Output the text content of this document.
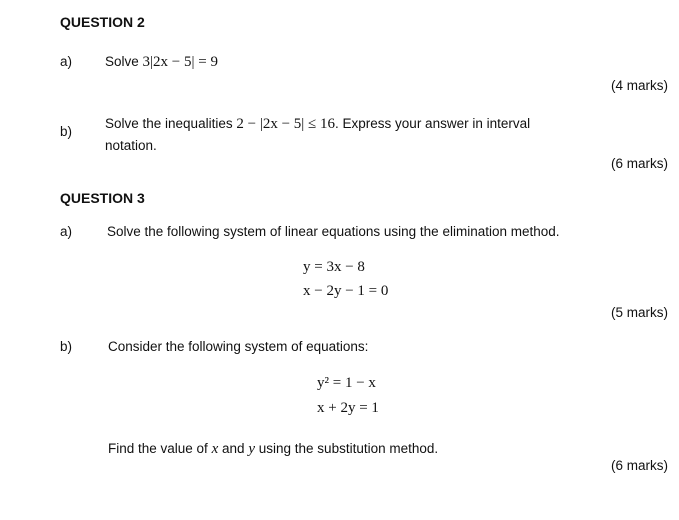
QUESTION 2
a) Solve 3|2x − 5| = 9
(4 marks)
b)
Solve the inequalities 2 − |2x − 5| ≤ 16. Express your answer in interval
notation.
(6 marks)
QUESTION 3
a)	Solve the following system of linear equations using the elimination method.
y = 3x − 8
x − 2y − 1 = 0
(5 marks)
b)	Consider the following system of equations:
y² = 1 − x
x + 2y = 1
Find the value of x and y using the substitution method.
(6 marks)
